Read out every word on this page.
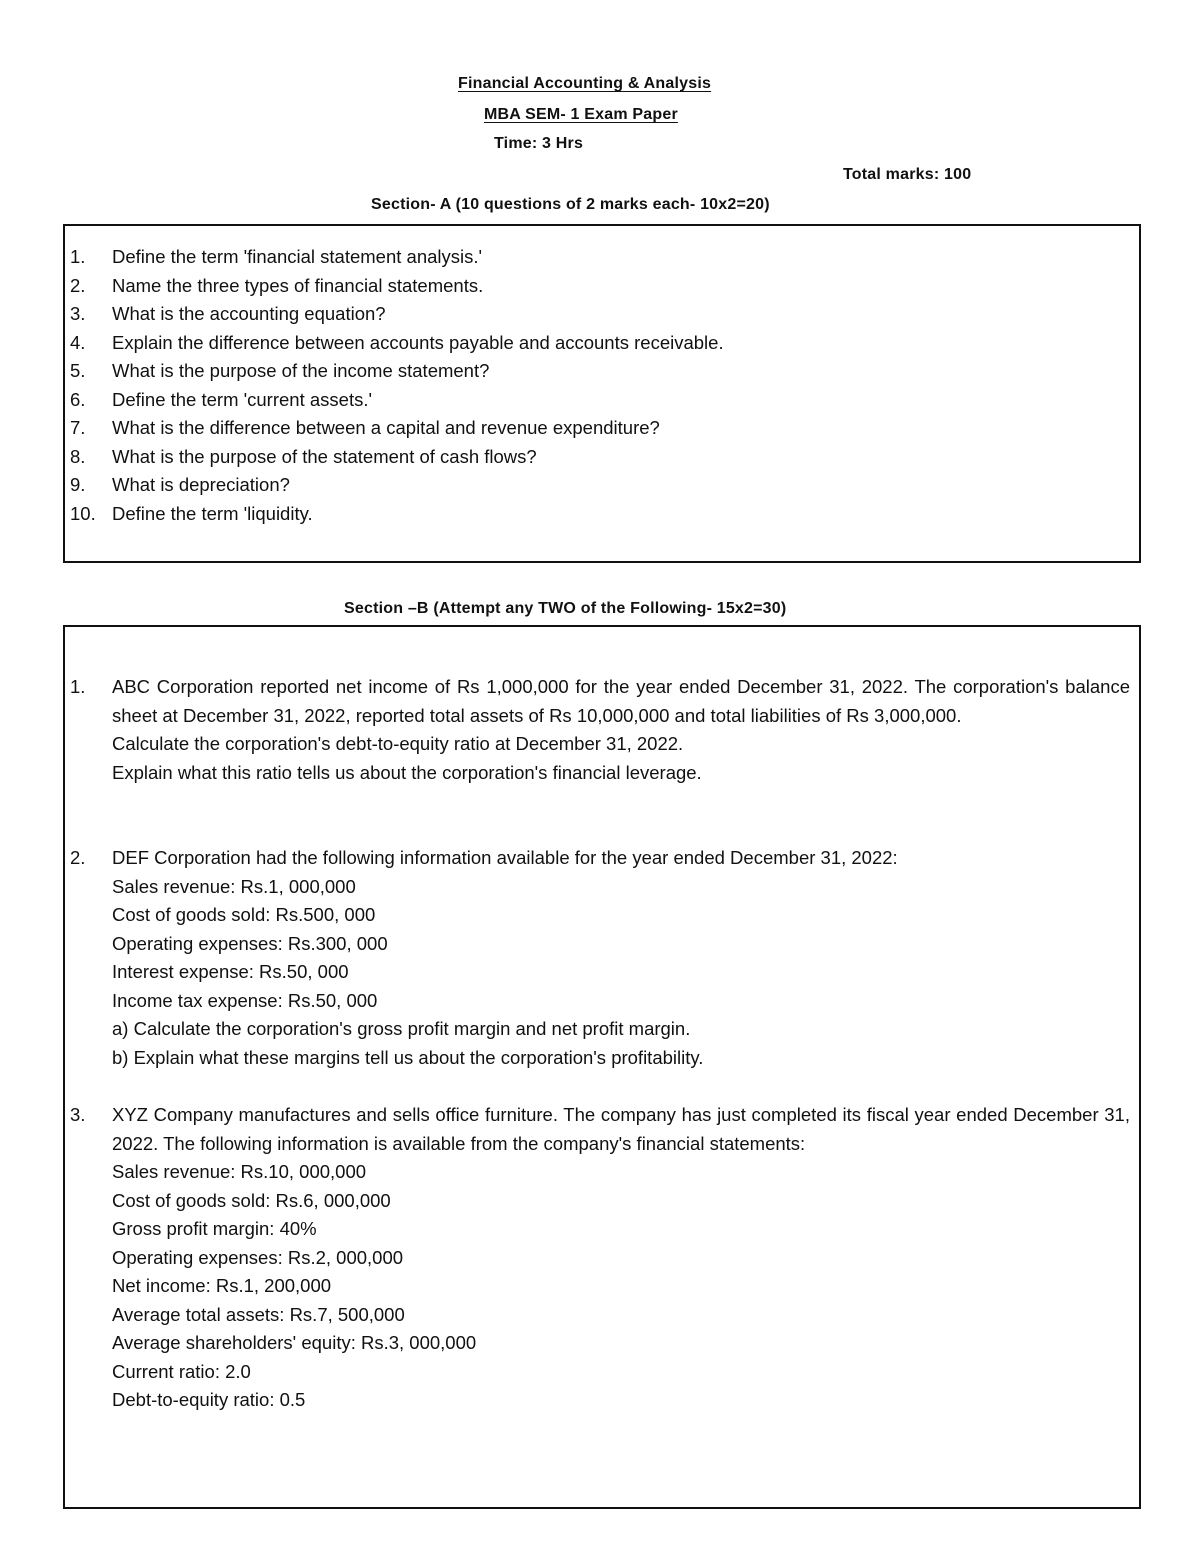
Financial Accounting & Analysis
MBA SEM- 1 Exam Paper
Time: 3 Hrs
Total marks: 100
Section- A (10 questions of 2 marks each- 10x2=20)
1. Define the term 'financial statement analysis.'
2. Name the three types of financial statements.
3. What is the accounting equation?
4. Explain the difference between accounts payable and accounts receivable.
5. What is the purpose of the income statement?
6. Define the term 'current assets.'
7. What is the difference between a capital and revenue expenditure?
8. What is the purpose of the statement of cash flows?
9. What is depreciation?
10. Define the term 'liquidity.
Section –B (Attempt any TWO of the Following- 15x2=30)
1. ABC Corporation reported net income of Rs 1,000,000 for the year ended December 31, 2022. The corporation's balance sheet at December 31, 2022, reported total assets of Rs 10,000,000 and total liabilities of Rs 3,000,000.
Calculate the corporation's debt-to-equity ratio at December 31, 2022.
Explain what this ratio tells us about the corporation's financial leverage.
2. DEF Corporation had the following information available for the year ended December 31, 2022:
Sales revenue: Rs.1, 000,000
Cost of goods sold: Rs.500, 000
Operating expenses: Rs.300, 000
Interest expense: Rs.50, 000
Income tax expense: Rs.50, 000
a) Calculate the corporation's gross profit margin and net profit margin.
b) Explain what these margins tell us about the corporation's profitability.
3. XYZ Company manufactures and sells office furniture. The company has just completed its fiscal year ended December 31, 2022. The following information is available from the company's financial statements:
Sales revenue: Rs.10, 000,000
Cost of goods sold: Rs.6, 000,000
Gross profit margin: 40%
Operating expenses: Rs.2, 000,000
Net income: Rs.1, 200,000
Average total assets: Rs.7, 500,000
Average shareholders' equity: Rs.3, 000,000
Current ratio: 2.0
Debt-to-equity ratio: 0.5
